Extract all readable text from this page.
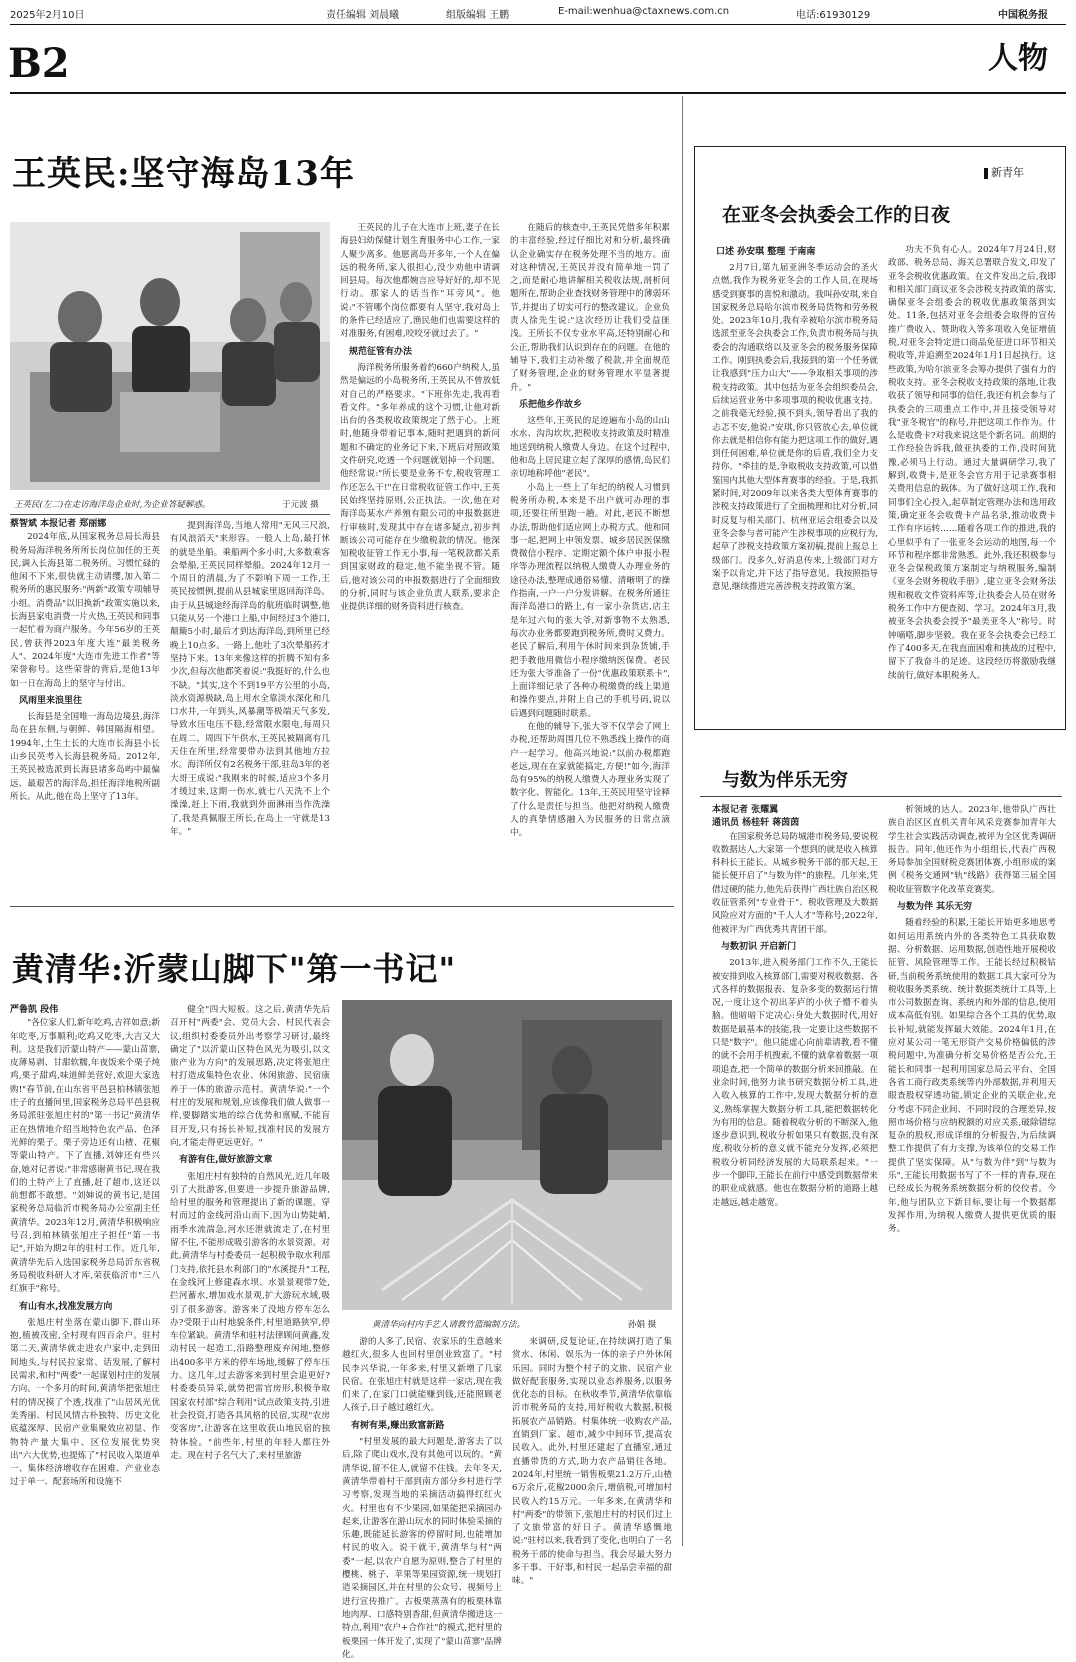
2025年2月10日	责任编辑 刘晨曦	组版编辑 王鹏	E-mail:wenhua@ctaxnews.com.cn	电话:61930129	中国税务报
B2	人物
王英民:坚守海岛13年
王英民(左二)在走访海洋岛企业时,为企业答疑解惑。	于元波 摄
蔡智斌 本报记者 郑丽娜

2024年底,从国家税务总局长海县税务局海洋税务所所长岗位加任的王英民,调入长海县第二税务所。习惯忙碌的他闲不下来,很快就主动请缨,加入第二税务所的惠民服务:"两新"政策专项辅导小组。消费品"以旧换新"政策实施以来,长海县家电消费一片火热,王英民和同事一起忙着为商户服务。今年56岁的王英民,曾获得2023年度大连"最美税务人"、2024年度"大连市先进工作者"等荣誉称号。这些荣誉的背后,是他13年如一日在海岛上的坚守与付出。

风雨里来浪里往

长海县是全国唯一海岛边境县,海洋岛在县东侧,与朝鲜、韩国隔海相望。1994年,土生土长的大连市长海县小长山乡民英考入长海县税务局。2012年,王英民被选派到长海县诸多岛屿中最偏远、最艰苦的海洋岛,担任海洋地税所副所长。从此,他在岛上坚守了13年。

提到海洋岛,当地人常用"无风三尺浪,有风浪滔天"来形容。一般人上岛,最打怵的就是坐船。乘船两个多小时,大多数乘客会晕船,王英民同样晕船。2024年12月一个周日的清晨,为了不影响下周一工作,王英民按惯例,提前从县城家里返回海洋岛。由于从县城途经海洋岛的航班临时调整,他只能从另一个港口上船,中间经过3个港口,颠簸5小时,最后才到达海洋岛,到所里已经晚上10点多。一路上,他吐了3次晕船药才坚持下来。13年来像这样的折腾不知有多少次,但每次他都笑着说:"我挺好的,什么也不缺。"其实,这个不到19平方公里的小岛,淡水资源极缺,岛上用水全靠淡水深化和几口水井,一年到头,风暴潮等极端天气多发,导致水压电压不稳,经常限水限电,每周只在周二、周四下午供水,王英民被隔离有几天住在所里,经常要带办法到其他地方拉水。海洋所仅有2名税务干部,驻岛3年的老大哥王成说:"我刚来的时候,适应3个多月才缓过来,这期一伤水,就七八天洗不上个澡澡,赶上下雨,我就到外面淋雨当作洗澡了,我是真佩服王所长,在岛上一守就是13年。"

王英民的儿子在大连市上班,妻子在长海县妇幼保健计划生育服务中心工作,一家人聚少离多。他愿离岛开多年,一个人在偏远的税务所,家人很担心,没少劝他申请调回县局。每次他都婉言应导好好的,却不见行动。那家人的话当作"耳旁风"。他说:"不管哪个岗位都要有人坚守,我对岛上的条件已经适应了,渔民他们也需要这样的对准服务,有困难,咬咬牙就过去了。"

规范征管有办法

海洋税务所服务着约660户纳税人,虽然是偏远的小岛税务所,王英民从不曾放低对自己的严格要求。"下班你先走,我再看看文件。"多年养成的这个习惯,让他对新出台的各类税收政策规定了然于心。上班时,他随身带着记事本,随时把遇到的新问题和不确定的业务记下来,下班后对照政策文件研究,吃透一个问题就划掉一个问题。他经常说:"所长要是业务不专,税收管理工作还怎么干!"在日常税收征管工作中,王英民始终坚持原则,公正执法。一次,他在对海洋岛某水产养殖有限公司的申报数据进行审核时,发现其中存在诸多疑点,初步判断该公司可能存在少缴税款的情况。他深知税收征管工作无小事,每一笔税款都关系到国家财政的稳定,他不能坐视不管。随后,他对该公司的申报数据进行了全面细致的分析,同时与该企业负责人联系,要求企业提供详细的财务资料进行核查。

在随后的核查中,王英民凭借多年积累的丰富经验,经过仔细比对和分析,最终确认企业确实存在税务处理不当的地方。面对这种情况,王英民并没有简单地一罚了之,而是耐心地讲解相关税收法规,剖析问题所在,帮助企业查找财务管理中的薄弱环节,并提出了切实可行的整改建议。企业负责人徐先生说:"这次经历让我们受益匪浅。王所长不仅专业水平高,还特别耐心和公正,帮助我们认识到存在的问题。在他的辅导下,我们主动补缴了税款,并全面规范了财务管理,企业的财务管理水平显著提升。"

乐把他乡作故乡

这些年,王英民的足迹遍布小岛的山山水水、沟沟坎坎,把税收支持政策及时精准地送到纳税人缴费人身边。在这个过程中,他和岛上居民建立起了深厚的感情,岛民们亲切地称呼他"老民"。

小岛上一些上了年纪的纳税人习惯到税务所办税,本来是不出户就可办理的事项,还要往所里跑一趟。对此,老民不断想办法,帮助他们适应网上办税方式。他和同事一起,把网上申领发票、城乡居民医保缴费微信小程序、定期定额个体户申报小程序等办理流程以纳税人缴费人办理业务的途径办法,整理成通俗易懂、清晰明了的操作指南,一户一户分发讲解。在税务所通往海洋岛港口的路上,有一家小杂货店,店主是年过六旬的张大爷,对新事物不太熟悉,每次办业务都要跑到税务所,费时又费力。老民了解后,利用午休时间来到杂货铺,手把手教他用微信小程序缴纳医保费。老民还为张大爷准备了一份"优惠政策联系卡",上面详细记录了各种办税缴费的线上渠道和操作要点,并附上自己的手机号码,说以后遇到问题随时联系。

在他的辅导下,张大爷不仅学会了网上办税,还帮助周围几位不熟悉线上操作的商户一起学习。他高兴地说:"以前办税都跑老远,现在在家就能搞定,方便!"如今,海洋岛有95%的纳税人缴费人办理业务实现了数字化、智能化。13年,王英民用坚守诠释了什么是责任与担当。他把对纳税人缴费人的真挚情感融入为民服务的日常点滴中。

黄清华:沂蒙山脚下"第一书记"
严鲁凯 段伟

"各位家人们,新年吃鸡,吉祥如意;新年吃枣,万事顺利;吃鸡又吃枣,大吉又大利。这是我们沂蒙山特产——蒙山苗寨,皮薄易剥、甘甜软糯,年夜饭来个栗子炖鸡,栗子甜鸡,味道鲜美营好,欢迎大家选购!"春节前,在山东省平邑县柏林镇张旭庄子的直播间里,国家税务总局平邑县税务局派驻张旭庄村的"第一书记"黄清华正在热情地介绍当地特色农产品、色泽光鲜的栗子。栗子旁边还有山楂、花椒等蒙山特产。下了直播,刘婶还有些兴奋,她对记者说:"非常感谢黄书记,现在我们的土特产上了直播,赶了超市,这还以前想都不敢想。"刘婶说的黄书记,是国家税务总局临沂市税务局办公室副主任黄清华。2023年12月,黄清华积极响应号召,到柏林镇张旭庄子担任"第一书记",开始为期2年的驻村工作。近几年,黄清华先后入选国家税务总局沂东省税务局税收科研人才库,荣获临沂市"三八红旗手"称号。

有山有水,找准发展方向

张旭庄村坐落在蒙山脚下,群山环抱,植被茂密,全村现有四百余户。驻村第二天,黄清华就走进农户家中,走到田间地头,与村民拉家常、话发展,了解村民需求,和村"两委"一起谋划村庄的发展方向。一个多月的时间,黄清华把张旭庄村的情况摸了个透,找准了"山居风光优美秀丽、村民风情古朴独特、历史文化底蕴深厚、民宿产业集聚效应初显、作物特产量大集中、区位发展优势突出"六大优势,也提炼了"村民收入渠道单一、集体经济增收存在困难、产业业态过于单一、配套场所和设施不

健全"四大短板。这之后,黄清华先后召开村"两委"会、党员大会、村民代表会议,组织村委委员外出考察学习研讨,最终确定了"以沂蒙山区特色风光为吸引,以文旅产业为方向"的发展思路,决定将张旭庄村打造成集特色农业、休闲旅游、民宿康养于一体的旅游示范村。黄清华说:"一个村庄的发展和规划,应该像我们做人做事一样,要脚踏实地的综合优势和禀赋,不能盲目开发,只有扬长补短,找准村民的发展方向,才能走得更远更好。"

有游有住,做好旅游文章

张旭庄村有独特的自然风光,近几年吸引了大批游客,但要进一步提升旅游品牌,给村里的服务和管理提出了新的课题。穿村而过的金线河沿山而下,因为山势陡峭,雨季水流湍急,河水还泄就流走了,在村里留不住,不能形成吸引游客的水景资源。对此,黄清华与村委委员一起积极争取水利部门支持,依托县水利部门的"水溪提升"工程,在金线河上修建森水坝、水景景观带7处,拦河蓄水,增加戏水景观,扩大游玩水域,吸引了很多游客。游客来了没地方停车怎么办?受限于山村地貌条件,村里道路狭窄,停车位紧缺。黄清华和驻村法律顾问黄鑫,发动村民一起造工,沿路整理废弃闲地,整修出400多平方米的停车场地,缓解了停车压力。这几年,过去游客来到村里会追更好?村委委员异采,就势把雷官房形,积极争取国家农村部"综合利用"试点政策支持,引进社会投资,打造各具风格的民宿,实现"农房变客房",让游客在这里收获山地民宿的独特体验。"前些年,村里的年轻人都往外走。现在村子名气大了,来村里旅游

黄清华向村内手艺人请教竹篮编制方法。	孙娟 摄

游的人多了,民宿、农家乐的生意越来越红火,很多人也回村里创业致富了。"村民李兴华说,一年多来,村里又新增了几家民宿。在张旭庄村就是这样一家店,现在我们来了,在家门口就能赚到钱,还能照顾老人孩子,日子越过越红火。

有树有果,赚出致富新路

"村里发展的最大问题是,游客去了以后,除了爬山戏水,没有其他可以玩的。"黄清华说,留不住人,就留不住钱。去年冬天,黄清华带着村干部到南方部分乡村进行学习考察,发现当地的采摘活动搞得红红火火。村里也有不少果园,如果能把采摘园办起来,让游客在游山玩水的同时体验采摘的乐趣,既能延长游客的停留时间,也能增加村民的收入。说干就干,黄清华与村"两委"一起,以农户自愿为原则,整合了村里的樱桃、桃子、苹果等果园资源,统一规划打造采摘园区,并在村里的公众号、视频号上进行宣传推广。古板栗蒸蒸有的板栗林靠地肉厚、口感特别香甜,但黄清华搬进这一特点,利用"农户+合作社"的模式,把村里的板栗园一体开发了,实现了"蒙山苗寨"品牌化。

来调研,反复论证,在持续调打造了集赏水、休闲、娱乐为一体的亲子户外休闲乐园。同时为整个村子的文旅、民宿产业做好配套服务,实现以业态养服务,以服务优化态的目标。在秋收季节,黄清华依靠临沂市税务局的支持,用好税收大数据,积极拓展农产品销路。村集体统一收购农产品,直销到厂家、超市,减少中间环节,提高农民收入。此外,村里还建起了直播室,通过直播带货的方式,助力农产品销往各地。2024年,村里统一销售板栗21.2万斤,山楂6万余斤,花椒2000余斤,增值税,可增加村民收入约15万元。一年多来,在黄清华和村"两委"的带领下,张旭庄村的村民们过上了文旅带富的好日子。黄清华感慨地说:"驻村以来,我看到了变化,也明白了一名税务干部的使命与担当。我会尽最大努力多干事、干好事,和村民一起品尝幸福的甜味。"

新青年
在亚冬会执委会工作的日夜
口述 孙安琪 整理 于南南

2月7日,第九届亚洲冬季运动会的圣火点燃,我作为税务亚冬会的工作人员,在现场感受到赛事的喜悦和激动。我叫孙安琪,来自国家税务总局哈尔滨市税务局货物和劳务税处。2023年10月,我有幸被哈尔滨市税务局选派至亚冬会执委会工作,负责市税务局与执委会的沟通联络以及亚冬会的税务服务保障工作。刚到执委会后,我接到的第一个任务就让我感到"压力山大"——争取相关事项的涉税支持政策。其中包括为亚冬会组织委员会,后续运营业务中多项事项的税收优惠支持。之前我毫无经验,摸不到头,领导看出了我的忐忑不安,他说:"安琪,你只管放心去,单位就你去就是相信你有能力把这项工作的做好,遇到任何困难,单位就是你的后盾,我们全力支持你。"牵挂的是,争取税收支持政策,可以借鉴国内其他大型体育赛事的经验。于是,我抓紧时间,对2009年以来各类大型体育赛事的涉税支持政策进行了全面梳理和比对分析,同时反复与相关部门、杭州亚运会组委会以及亚冬会参与者可能产生涉税事项的应税行为,起草了涉税支持政策方案初稿,提前上报总上级部门。没多久,好消息传来,上级部门对方案予以肯定,并下达了指导意见。我按照指导意见,继续推进完善涉税支持政策方案。

功夫不负有心人。2024年7月24日,财政部、税务总局、海关总署联合发文,印发了亚冬会税收优惠政策。在文件发出之后,我即和相关部门商议亚冬会涉税支持政策的落实,确保亚冬会组委会的税收优惠政策落到实处。11条,包括对亚冬会组委会取得的宣传推广费收入、赞助收入等多项收入免征增值税,对亚冬会特定进口商品免征进口环节相关税收等,并追溯至2024年1月1日起执行。这些政策,为哈尔滨亚冬会筹办提供了强有力的税收支持。亚冬会税收支持政策的落地,让我收获了领导和同事的信任,我还有机会参与了执委会的三项重点工作中,并且接受领导对我"亚冬税官"的称号,并把这项工作作为。什么是收费卡?对我来说这是个新名词。前期的工作经验告诉我,做亚执委的工作,没时间犹豫,必须马上行动。通过大量调研学习,我了解到,收费卡,是亚冬会官方用于记录赛事相关费用信息的载体。为了做好这项工作,我和同事们全心投入,起草制定管理办法和选用政策,确定亚冬会收费卡产品名录,推动收费卡工作有序运转……随着各项工作的推进,我的心里似乎有了一张亚冬会运动的地图,每一个环节和程序都非常熟悉。此外,我还积极参与亚冬会保税政策方案制定与纳税服务,编制《亚冬会财务税收手册》,建立亚冬会财务法规和税收文件资料库等,让执委会人员在财务税务工作中方便查阅、学习。2024年3月,我被亚冬会执委会授予"最美亚冬人"称号。时钟嘀嗒,脚步坚毅。我在亚冬会执委会已经工作了400多天,在我直面困难和挑战的过程中,留下了我奋斗的足迹。这段经历将激励我继续前行,做好本职税务人。

与数为伴乐无穷
本报记者 张耀翼
通讯员 杨桂轩 蒋茵茵

在国家税务总局防城港市税务局,要说税收数据达人,大家第一个想到的就是收入核算科科长王能长。从城乡税务干部的那天起,王能长便开启了"与数为伴"的旅程。几年来,凭借过硬的能力,他先后获得广西壮族自治区税收征管系列"专业骨干"、税收管理及大数据风险应对方面的"千人人才"等称号,2022年,他被评为广西优秀共青团干部。

与数初识 开启新门

2013年,进入税务部门工作不久,王能长被安排到收入核算部门,需要对税收数据、各式各样的数据报表、复杂多变的数据运行情况,一度让这个初出茅庐的小伙子懵不着头脑。他暗暗下定决心:身处大数据时代,用好数据是最基本的技能,我一定要让这些数据不只是"数字"。他只能虚心向前辈请教,看不懂的就不会用手机搜索,不懂的就拿着数据一项项追查,把一个简单的数据分析来回推敲。在业余时间,他努力读书研究数据分析工具,进入收入核算的工作中,发现大数据分析的意义,熟练掌握大数据分析工具,能把数据转化为有用的信息。随着税收分析的不断深入,他逐步意识到,税收分析如果只有数据,没有深度,税收分析的意义就不能充分发挥,必须把税收分析同经济发展的大局联系起来。"一步一个脚印,王能长在前行中感受到数据带来的职业成就感。他也在数据分析的道路上越走越远,越走越宽。

析领域的达人。2023年,他带队广西壮族自治区区直机关青年风采竞赛参加青年大学生社会实践活动调查,被评为全区优秀调研报告。同年,他还作为小组组长,代表广西税务局参加全国财税竞赛团体赛,小组形成的案例《税务交通网"轨"线路》获得第三届全国税收征管数字化改革竞赛奖。

与数为伴 其乐无穷

随着经验的积累,王能长开始更多地思考如何运用系统内外的各类特色工具获取数据、分析数据、运用数据,创造性地开展税收征管、风险管理等工作。王能长经过积极钻研,当前税务系统使用的数据工具大家可分为税收服务类系统、统计数据类统计工具等,上市公司数据查询、系统内和外部的信息,使用成本高低有别。如果综合各个工具的优势,取长补短,就能发挥最大效能。2024年1月,在应对某公司一笔无形资产交易价格偏低的涉税问题中,为准确分析交易价格是否公允,王能长和同事一起利用国家总局云平台、全国各省工商行政类系统等内外部数据,并利用天眼查股权穿透功能,锁定企业的关联企业,充分考虑不同企业间、不同时段的合理差异,按照市场价格与应纳税额的对应关系,破除错综复杂的股权,形成详细的分析报告,为后续调整工作提供了有力支撑,为该单位的交易工作提供了坚实保障。从"与数为伴"到"与数为乐",王能长用数据书写了不一样的青春,现在已经成长为税务系统数据分析的佼佼者。今年,他与团队立下新目标,要让每一个数据都发挥作用,为纳税人缴费人提供更优质的服务。
